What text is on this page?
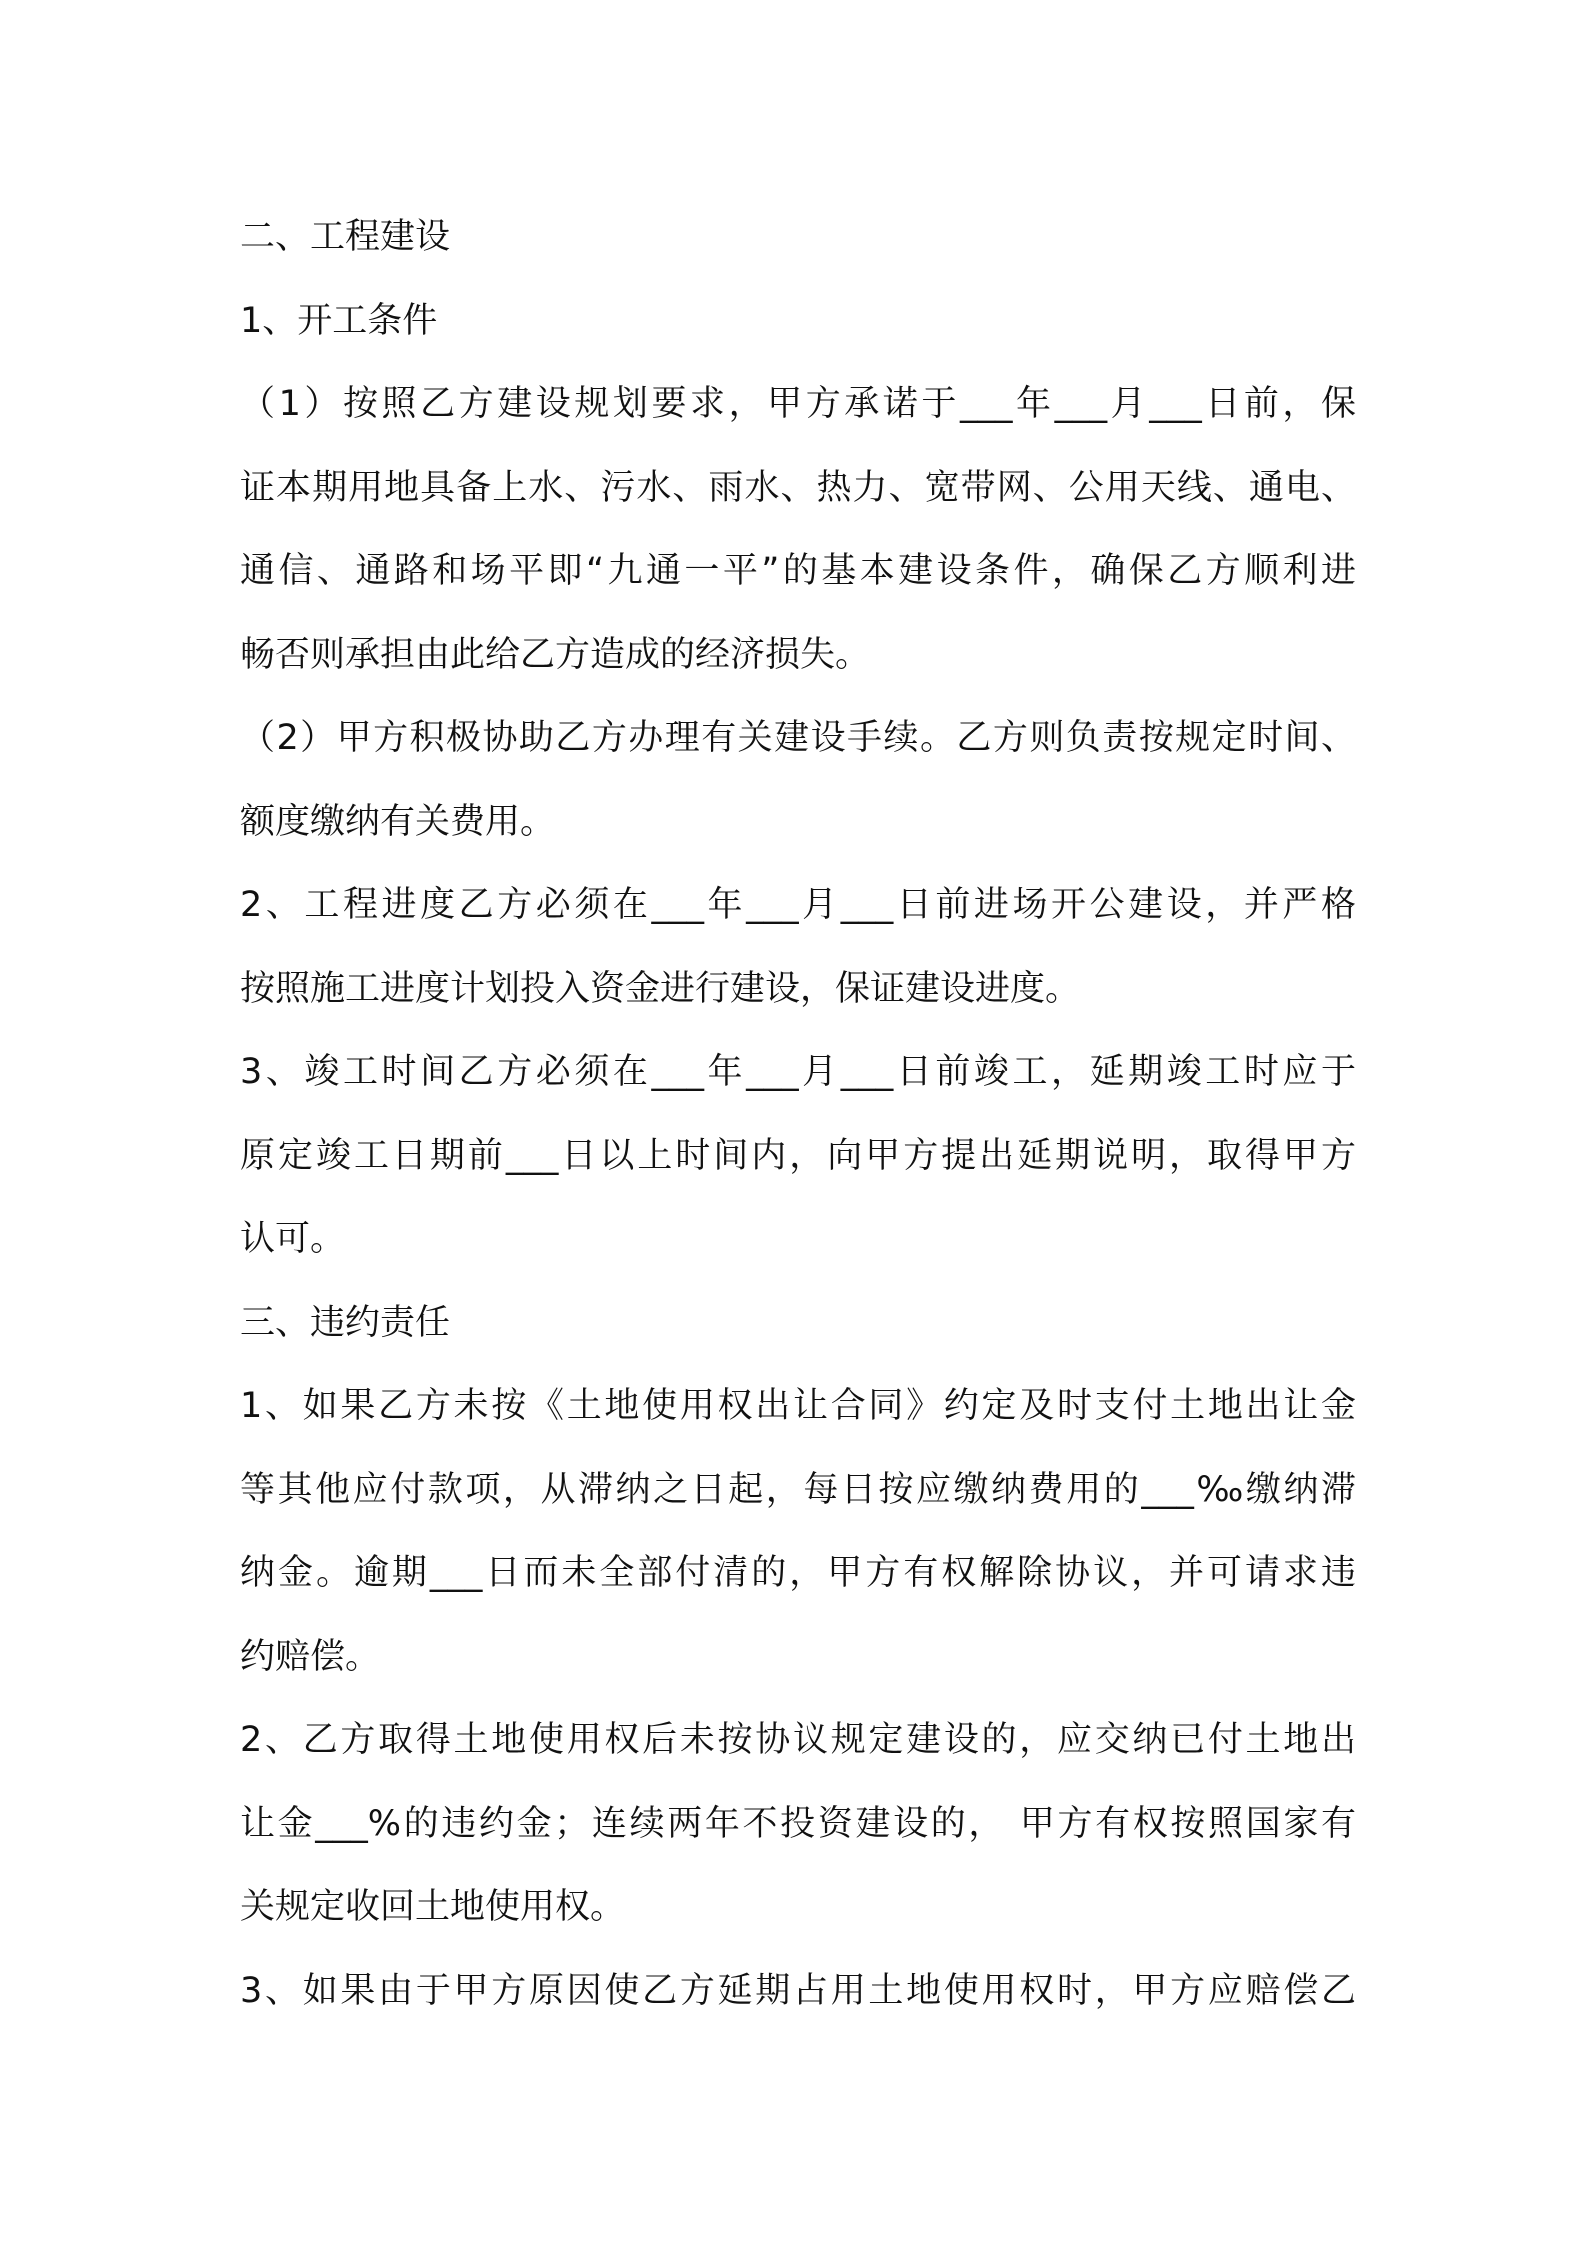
二、工程建设
1、开工条件
（1）按照乙方建设规划要求，甲方承诺于___年___月___日前，保
证本期用地具备上水、污水、雨水、热力、宽带网、公用天线、通电、
通信、通路和场平即“九通一平”的基本建设条件，确保乙方顺利进
畅否则承担由此给乙方造成的经济损失。
（2）甲方积极协助乙方办理有关建设手续。乙方则负责按规定时间、
额度缴纳有关费用。
2、工程进度乙方必须在___年___月___日前进场开公建设，并严格
按照施工进度计划投入资金进行建设，保证建设进度。
3、竣工时间乙方必须在___年___月___日前竣工，延期竣工时应于
原定竣工日期前___日以上时间内，向甲方提出延期说明，取得甲方
认可。
三、违约责任
1、如果乙方未按《土地使用权出让合同》约定及时支付土地出让金
等其他应付款项，从滞纳之日起，每日按应缴纳费用的___‰缴纳滞
纳金。逾期___日而未全部付清的，甲方有权解除协议，并可请求违
约赔偿。
2、乙方取得土地使用权后未按协议规定建设的，应交纳已付土地出
让金___%的违约金；连续两年不投资建设的， 甲方有权按照国家有
关规定收回土地使用权。
3、如果由于甲方原因使乙方延期占用土地使用权时，甲方应赔偿乙
